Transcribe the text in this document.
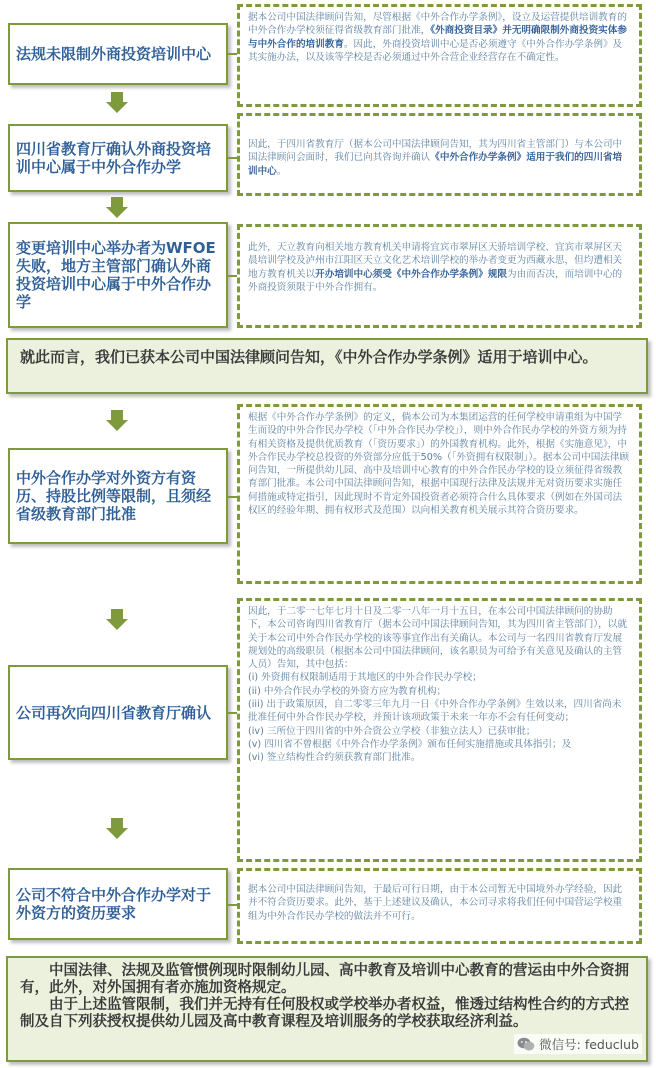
法规未限制外商投资培训中心

据本公司中国法律顾问告知，尽管根据《中外合作办学条例》，设立及运营提供培训教育的中外合作办学校须征得省级教育部门批准，《外商投资目录》并无明确限制外商投资实体参与中外合作的培训教育。因此，外商投资培训中心是否必须遵守《中外合作办学条例》及其实施办法，以及该等学校是否必须通过中外合营企业经营存在不确定性。

四川省教育厅确认外商投资培训中心属于中外合作办学

因此，于四川省教育厅（据本公司中国法律顾问告知，其为四川省主管部门）与本公司中国法律顾问会面时，我们已向其咨询并确认《中外合作办学条例》适用于我们的四川省培训中心。

变更培训中心举办者为WFOE 失败，地方主管部门确认外商投资培训中心属于中外合作办学

此外，天立教育向相关地方教育机关申请将宜宾市翠屏区天骄培训学校、宜宾市翠屏区天晨培训学校及泸州市江阳区天立文化艺术培训学校的举办者变更为西藏永思，但均遭相关地方教育机关以开办培训中心须受《中外合作办学条例》规限为由而否决，而培训中心的外商投资须限于中外合作拥有。

就此而言，我们已获本公司中国法律顾问告知，《中外合作办学条例》适用于培训中心。
中外合作办学对外资方有资历、持股比例等限制，且须经省级教育部门批准

根据《中外合作办学条例》的定义，倘本公司为本集团运营的任何学校申请重组为中国学生而设的中外合作民办学校（「中外合作民办学校」），则中外合作民办学校的外资方须为持有相关资格及提供优质教育（「资历要求」）的外国教育机构。此外，根据《实施意见》，中外合作民办学校总投资的外资部分应低于50%（「外资拥有权限制」）。据本公司中国法律顾问告知，一所提供幼儿园、高中及培训中心教育的中外合作民办学校的设立须征得省级教育部门批准。本公司中国法律顾问告知，根据中国现行法律及法规并无对资历要求实施任何措施或特定指引，因此现时不肯定外国投资者必须符合什么具体要求（例如在外国司法权区的经验年期、拥有权形式及范围）以向相关教育机关展示其符合资历要求。

公司再次向四川省教育厅确认

因此，于二零一七年七月十日及二零一八年一月十五日，在本公司中国法律顾问的协助下，本公司咨询四川省教育厅（据本公司中国法律顾问告知，其为四川省主管部门），以就关于本公司中外合作民办学校的该等事宜作出有关确认。本公司与一名四川省教育厅发展规划处的高级职员（根据本公司中国法律顾问，该名职员为可给予有关意见及确认的主管人员）告知，其中包括：
(i) 外资拥有权限制适用于其地区的中外合作民办学校；
(ii) 中外合作民办学校的外资方应为教育机构；
(iii) 出于政策原因，自二零零三年九月一日《中外合作办学条例》生效以来，四川省尚未批准任何中外合作民办学校，并预计该项政策于未来一年亦不会有任何变动；
(iv) 三所位于四川省的中外合资公立学校（非独立法人）已获审批；
(v) 四川省不曾根据《中外合作办学条例》颁布任何实施措施或具体指引；及
(vi) 签立结构性合约须获教育部门批准。

公司不符合中外合作办学对于外资方的资历要求

据本公司中国法律顾问告知，于最后可行日期，由于本公司暂无中国境外办学经验，因此并不符合资历要求。此外，基于上述建议及确认，本公司寻求将我们任何中国营运学校重组为中外合作民办学校的做法并不可行。

中国法律、法规及监管惯例现时限制幼儿园、高中教育及培训中心教育的营运由中外合资拥有，此外，对外国拥有者亦施加资格规定。

由于上述监管限制，我们并无持有任何股权或学校举办者权益，惟透过结构性合约的方式控制及自下列获授权提供幼儿园及高中教育课程及培训服务的学校获取经济利益。

微信号: feduclub
